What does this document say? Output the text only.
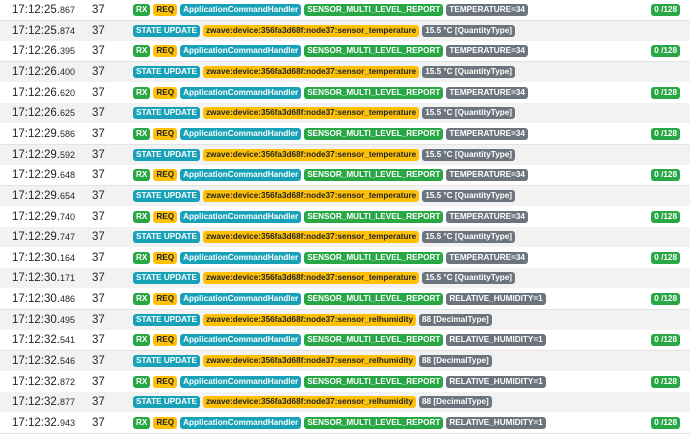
17:12:25.867 37	RX	REQ	ApplicationCommandHandler	SENSOR_MULTI_LEVEL_REPORT	TEMPERATURE=34	0 /128
17:12:25.874 37	STATE UPDATE	zwave:device:356fa3d68f:node37:sensor_temperature	15.5 °C [QuantityType]
17:12:26.395 37	RX	REQ	ApplicationCommandHandler	SENSOR_MULTI_LEVEL_REPORT	TEMPERATURE=34	0 /128
17:12:26.400 37	STATE UPDATE	zwave:device:356fa3d68f:node37:sensor_temperature	15.5 °C [QuantityType]
17:12:26.620 37	RX	REQ	ApplicationCommandHandler	SENSOR_MULTI_LEVEL_REPORT	TEMPERATURE=34	0 /128
17:12:26.625 37	STATE UPDATE	zwave:device:356fa3d68f:node37:sensor_temperature	15.5 °C [QuantityType]
17:12:29.586 37	RX	REQ	ApplicationCommandHandler	SENSOR_MULTI_LEVEL_REPORT	TEMPERATURE=34	0 /128
17:12:29.592 37	STATE UPDATE	zwave:device:356fa3d68f:node37:sensor_temperature	15.5 °C [QuantityType]
17:12:29.648 37	RX	REQ	ApplicationCommandHandler	SENSOR_MULTI_LEVEL_REPORT	TEMPERATURE=34	0 /128
17:12:29.654 37	STATE UPDATE	zwave:device:356fa3d68f:node37:sensor_temperature	15.5 °C [QuantityType]
17:12:29.740 37	RX	REQ	ApplicationCommandHandler	SENSOR_MULTI_LEVEL_REPORT	TEMPERATURE=34	0 /128
17:12:29.747 37	STATE UPDATE	zwave:device:356fa3d68f:node37:sensor_temperature	15.5 °C [QuantityType]
17:12:30.164 37	RX	REQ	ApplicationCommandHandler	SENSOR_MULTI_LEVEL_REPORT	TEMPERATURE=34	0 /128
17:12:30.171 37	STATE UPDATE	zwave:device:356fa3d68f:node37:sensor_temperature	15.5 °C [QuantityType]
17:12:30.486 37	RX	REQ	ApplicationCommandHandler	SENSOR_MULTI_LEVEL_REPORT	RELATIVE_HUMIDITY=1	0 /128
17:12:30.495 37	STATE UPDATE	zwave:device:356fa3d68f:node37:sensor_relhumidity	88 [DecimalType]
17:12:32.541 37	RX	REQ	ApplicationCommandHandler	SENSOR_MULTI_LEVEL_REPORT	RELATIVE_HUMIDITY=1	0 /128
17:12:32.546 37	STATE UPDATE	zwave:device:356fa3d68f:node37:sensor_relhumidity	88 [DecimalType]
17:12:32.872 37	RX	REQ	ApplicationCommandHandler	SENSOR_MULTI_LEVEL_REPORT	RELATIVE_HUMIDITY=1	0 /128
17:12:32.877 37	STATE UPDATE	zwave:device:356fa3d68f:node37:sensor_relhumidity	88 [DecimalType]
17:12:32.943 37	RX	REQ	ApplicationCommandHandler	SENSOR_MULTI_LEVEL_REPORT	RELATIVE_HUMIDITY=1	0 /128
